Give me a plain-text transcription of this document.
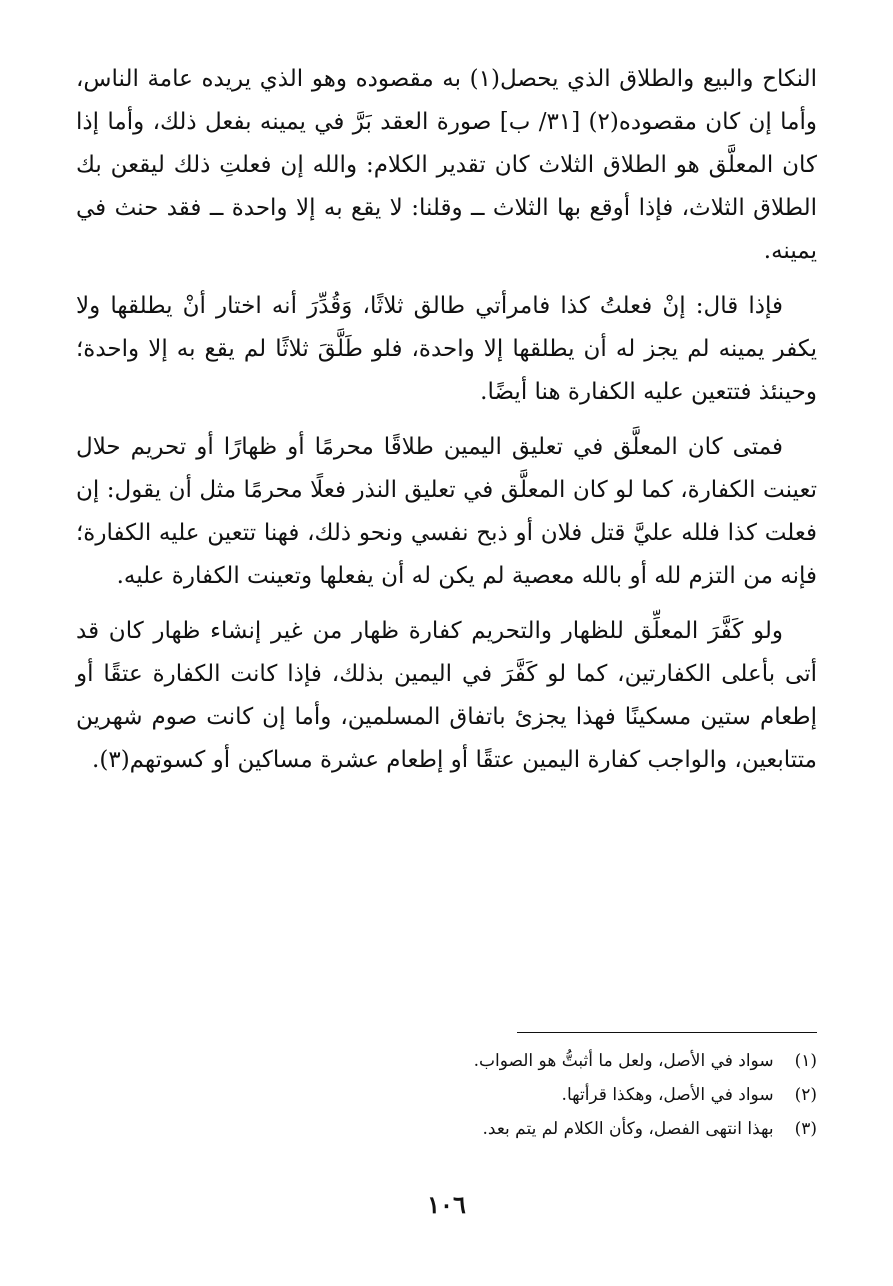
النكاح والبيع والطلاق الذي يحصل(١) به مقصوده وهو الذي يريده عامة الناس، وأما إن كان مقصوده(٢) [٣١/ ب] صورة العقد بَرَّ في يمينه بفعل ذلك، وأما إذا كان المعلَّق هو الطلاق الثلاث كان تقدير الكلام: والله إن فعلتِ ذلك ليقعن بك الطلاق الثلاث، فإذا أوقع بها الثلاث ــ وقلنا: لا يقع به إلا واحدة ــ فقد حنث في يمينه.

فإذا قال: إنْ فعلتُ كذا فامرأتي طالق ثلاثًا، وَقُدِّرَ أنه اختار أنْ يطلقها ولا يكفر يمينه لم يجز له أن يطلقها إلا واحدة، فلو طَلَّقَ ثلاثًا لم يقع به إلا واحدة؛ وحينئذ فتتعين عليه الكفارة هنا أيضًا.

فمتى كان المعلَّق في تعليق اليمين طلاقًا محرمًا أو ظهارًا أو تحريم حلال تعينت الكفارة، كما لو كان المعلَّق في تعليق النذر فعلًا محرمًا مثل أن يقول: إن فعلت كذا فلله عليَّ قتل فلان أو ذبح نفسي ونحو ذلك، فهنا تتعين عليه الكفارة؛ فإنه من التزم لله أو بالله معصية لم يكن له أن يفعلها وتعينت الكفارة عليه.

ولو كَفَّرَ المعلِّق للظهار والتحريم كفارة ظهار من غير إنشاء ظهار كان قد أتى بأعلى الكفارتين، كما لو كَفَّرَ في اليمين بذلك، فإذا كانت الكفارة عتقًا أو إطعام ستين مسكينًا فهذا يجزئ باتفاق المسلمين، وأما إن كانت صوم شهرين متتابعين، والواجب كفارة اليمين عتقًا أو إطعام عشرة مساكين أو كسوتهم(٣).

(١) سواد في الأصل، ولعل ما أثبتُّ هو الصواب.
(٢) سواد في الأصل، وهكذا قرأتها.
(٣) بهذا انتهى الفصل، وكأن الكلام لم يتم بعد.
١٠٦
